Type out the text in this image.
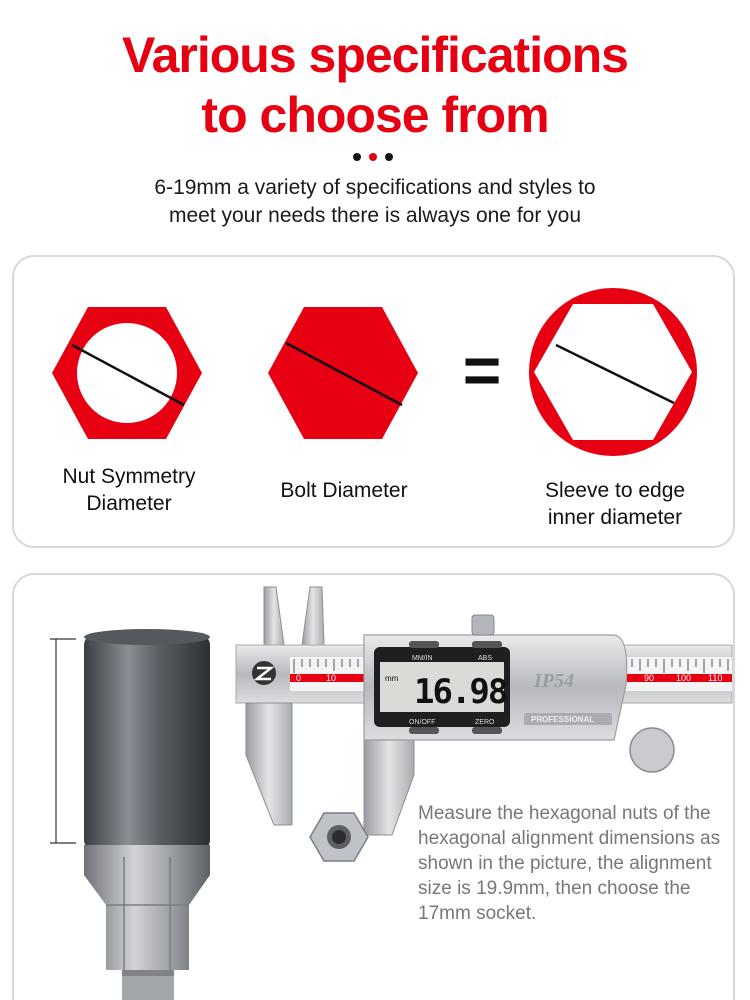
Various specifications
to choose from
6-19mm a variety of specifications and styles to
meet your needs there is always one for you
Nut Symmetry
Diameter
Bolt Diameter
=
Sleeve to edge
inner diameter
0	10	90 100 110
MM/IN	ABS
ON/OFF	ZERO
mm 16.98 IP54
PROFESSIONAL
Measure the hexagonal nuts of the hexagonal alignment dimensions as shown in the picture, the alignment size is 19.9mm, then choose the 17mm socket.
